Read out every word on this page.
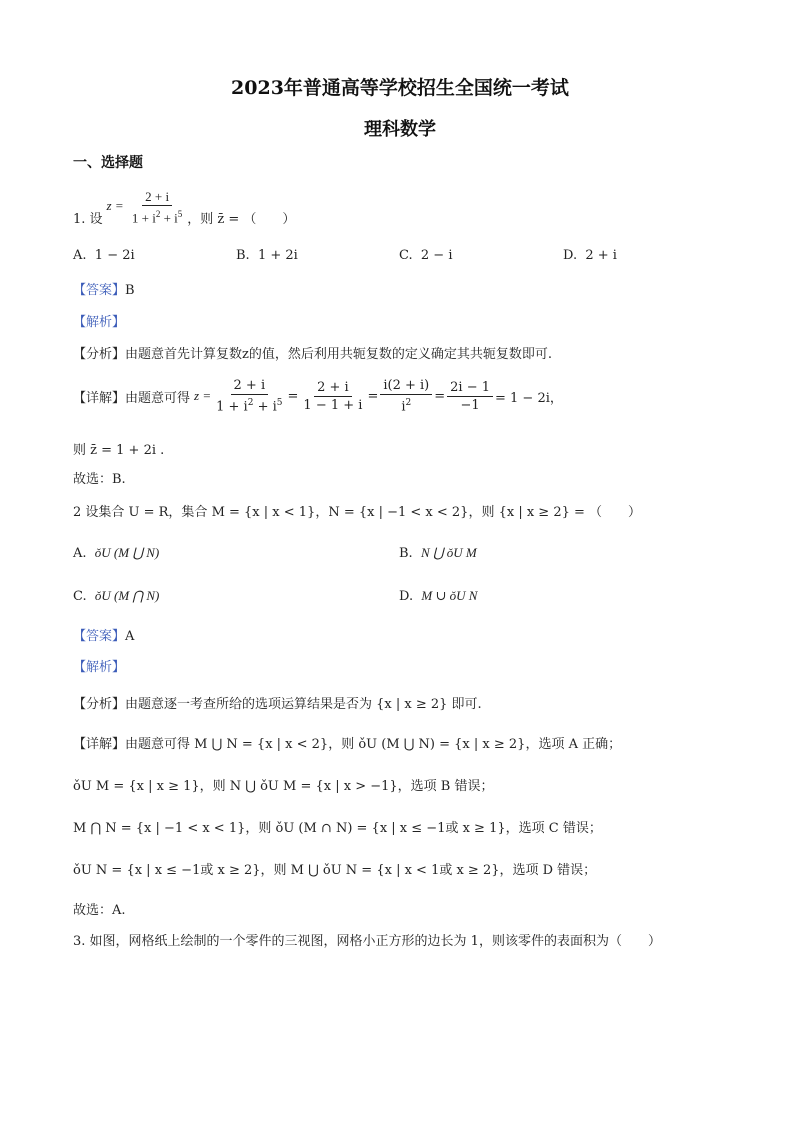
2023年普通高等学校招生全国统一考试
理科数学
一、选择题
1. 设
$z = \frac{2 + i}{1 + i^2 + i^5}$ ，则 z̄ = （　　）
A.  1 − 2i	B.  1 + 2i	C.  2 − i	D.  2 + i
【答案】B
【解析】
【分析】由题意首先计算复数z的值，然后利用共轭复数的定义确定其共轭复数即可.
【详解】 由题意可得 $z = \frac{2 + i}{1 + i^2 + i^5} = \frac{2 + i}{1 - 1 + i} = \frac{i(2 + i)}{i^2} = \frac{2i - 1}{-1} = 1 - 2i$，
则 z̄ = 1 + 2i .
故选：B.
2 设集合 U = R，集合 M = {x | x < 1}，N = {x | −1 < x < 2}，则 {x | x ≥ 2} = （　　）
A.  ǒU (M ⋃ N)	B.  N ⋃ ǒU M
C.  ǒU (M ⋂ N)	D.  M ∪ ǒU N
【答案】A
【解析】
【分析】由题意逐一考查所给的选项运算结果是否为 {x | x ≥ 2} 即可.
【详解】由题意可得 M ⋃ N = {x | x < 2}，则 ǒU (M ⋃ N) = {x | x ≥ 2}，选项 A 正确；
ǒU M = {x | x ≥ 1}，则 N ⋃ ǒU M = {x | x > −1}，选项 B 错误；
M ⋂ N = {x | −1 < x < 1}，则 ǒU (M ∩ N) = {x | x ≤ −1或 x ≥ 1}，选项 C 错误；
ǒU N = {x | x ≤ −1或 x ≥ 2}，则 M ⋃ ǒU N = {x | x < 1或 x ≥ 2}，选项 D 错误；
故选：A.
3. 如图，网格纸上绘制的一个零件的三视图，网格小正方形的边长为 1，则该零件的表面积为（　　）
